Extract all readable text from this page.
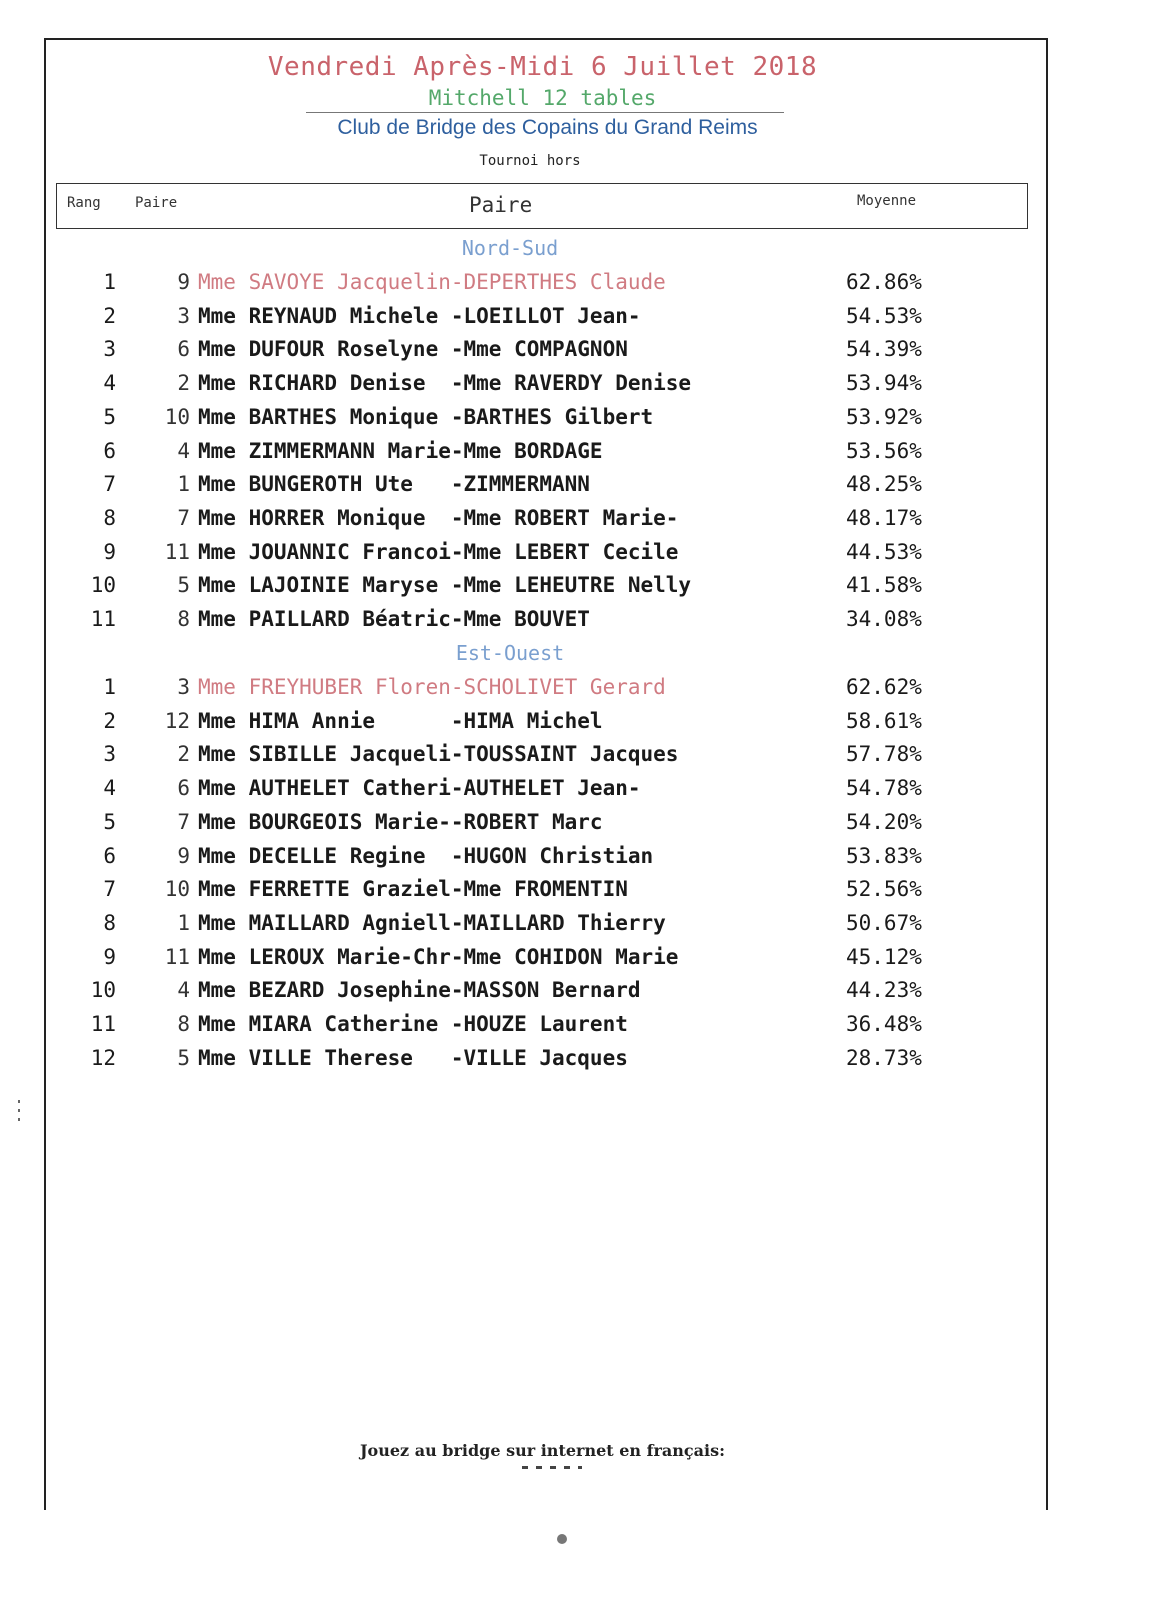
Vendredi Après-Midi 6 Juillet 2018
Mitchell 12 tables
Club de Bridge des Copains du Grand Reims
Tournoi hors
Rang Paire	Paire	Moyenne
Nord-Sud
1	9 Mme SAVOYE Jacquelin-DEPERTHES Claude	62.86%
2	3 Mme REYNAUD Michele -LOEILLOT Jean-	54.53%
3	6 Mme DUFOUR Roselyne -Mme COMPAGNON	54.39%
4	2 Mme RICHARD Denise  -Mme RAVERDY Denise	53.94%
5	10 Mme BARTHES Monique -BARTHES Gilbert	53.92%
6	4 Mme ZIMMERMANN Marie-Mme BORDAGE	53.56%
7	1 Mme BUNGEROTH Ute   -ZIMMERMANN	48.25%
8	7 Mme HORRER Monique  -Mme ROBERT Marie-	48.17%
9	11 Mme JOUANNIC Francoi-Mme LEBERT Cecile	44.53%
10	5 Mme LAJOINIE Maryse -Mme LEHEUTRE Nelly	41.58%
11	8 Mme PAILLARD Béatric-Mme BOUVET	34.08%
Est-Ouest
1	3 Mme FREYHUBER Floren-SCHOLIVET Gerard	62.62%
2	12 Mme HIMA Annie      -HIMA Michel	58.61%
3	2 Mme SIBILLE Jacqueli-TOUSSAINT Jacques	57.78%
4	6 Mme AUTHELET Catheri-AUTHELET Jean-	54.78%
5	7 Mme BOURGEOIS Marie--ROBERT Marc	54.20%
6	9 Mme DECELLE Regine  -HUGON Christian	53.83%
7	10 Mme FERRETTE Graziel-Mme FROMENTIN	52.56%
8	1 Mme MAILLARD Agniell-MAILLARD Thierry	50.67%
9	11 Mme LEROUX Marie-Chr-Mme COHIDON Marie	45.12%
10	4 Mme BEZARD Josephine-MASSON Bernard	44.23%
11	8 Mme MIARA Catherine -HOUZE Laurent	36.48%
12	5 Mme VILLE Therese   -VILLE Jacques	28.73%
Jouez au bridge sur internet en français:
